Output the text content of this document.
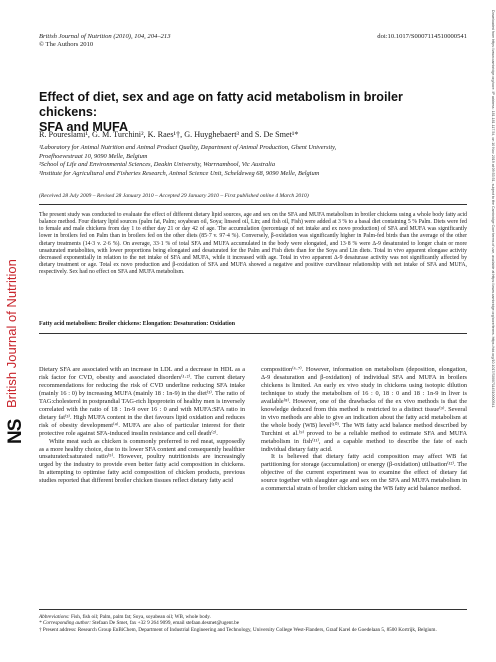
British Journal of Nutrition
NS
Downloaded from https://www.cambridge.org/core. IP address: 181.181.117.54, on 10 Nov 2019 at 09:53:51, subject to the Cambridge Core terms of use, available at https://www.cambridge.org/core/terms. https://doi.org/10.1017/S0007114510000541
British Journal of Nutrition (2010), 104, 204–213
© The Authors 2010
doi:10.1017/S0007114510000541
Effect of diet, sex and age on fatty acid metabolism in broiler chickens:
SFA and MUFA
R. Poureslami¹, G. M. Turchini², K. Raes¹†, G. Huyghebaert³ and S. De Smet¹*
¹Laboratory for Animal Nutrition and Animal Product Quality, Department of Animal Production, Ghent University,
Proefhoevestraat 10, 9090 Melle, Belgium
²School of Life and Environmental Sciences, Deakin University, Warrnambool, Vic Australia
³Institute for Agricultural and Fisheries Research, Animal Science Unit, Scheldeweg 68, 9090 Melle, Belgium
(Received 28 July 2009 – Revised 28 January 2010 – Accepted 29 January 2010 – First published online 4 March 2010)
The present study was conducted to evaluate the effect of different dietary lipid sources, age and sex on the SFA and MUFA metabolism in broiler chickens using a whole body fatty acid balance method. Four dietary lipid sources (palm fat, Palm; soyabean oil, Soya; linseed oil, Lin; and fish oil, Fish) were added at 3 % to a basal diet containing 5 % Palm. Diets were fed to female and male chickens from day 1 to either day 21 or day 42 of age. The accumulation (percentage of net intake and ex novo production) of SFA and MUFA was significantly lower in broilers fed on Palm than in broilers fed on the other diets (85·7 v. 97·4 %). Conversely, β-oxidation was significantly higher in Palm-fed birds than the average of the other dietary treatments (14·3 v. 2·6 %). On average, 33·1 % of total SFA and MUFA accumulated in the body were elongated, and 13·8 % were Δ-9 desaturated to longer chain or more unsaturated metabolites, with lower proportions being elongated and desaturated for the Palm and Fish diets than for the Soya and Lin diets. Total in vivo apparent elongase activity decreased exponentially in relation to the net intake of SFA and MUFA, while it increased with age. Total in vivo apparent Δ-9 desaturase activity was not significantly affected by dietary treatment or age. Total ex novo production and β-oxidation of SFA and MUFA showed a negative and positive curvilinear relationship with net intake of SFA and MUFA, respectively. Sex had no effect on SFA and MUFA metabolism.
Fatty acid metabolism: Broiler chickens: Elongation: Desaturation: Oxidation

Dietary SFA are associated with an increase in LDL and a decrease in HDL as a risk factor for CVD, obesity and associated disorders⁽¹·²⁾. The current dietary recommendations for reducing the risk of CVD underline reducing SFA intake (mainly 16 : 0) by increasing MUFA (mainly 18 : 1n-9) in the diet⁽³⁾. The ratio of TAG:cholesterol in postprandial TAG-rich lipoprotein of healthy men is inversely correlated with the ratio of 18 : 1n-9 over 16 : 0 and with MUFA:SFA ratio in dietary fat⁽³⁾. High MUFA content in the diet favours lipid oxidation and reduces risk of obesity development⁽⁴⁾. MUFA are also of particular interest for their protective role against SFA-induced insulin resistance and cell death⁽²⁾.

White meat such as chicken is commonly preferred to red meat, supposedly as a more healthy choice, due to its lower SFA content and consequently healthier unsaturated:saturated ratio⁽⁵⁾. However, poultry nutritionists are increasingly urged by the industry to provide even better fatty acid composition in chickens. In attempting to optimise fatty acid composition of chicken products, previous studies reported that different broiler chicken tissues reflect dietary fatty acid

composition⁽⁶·⁷⁾. However, information on metabolism (deposition, elongation, Δ-9 desaturation and β-oxidation) of individual SFA and MUFA in broilers chickens is limited. An early ex vivo study in chickens using isotopic dilution technique to study the metabolism of 16 : 0, 18 : 0 and 18 : 1n-9 in liver is available⁽⁸⁾. However, one of the drawbacks of the ex vivo methods is that the knowledge deduced from this method is restricted to a distinct tissue⁽⁹⁾. Several in vivo methods are able to give an indication about the fatty acid metabolism at the whole body (WB) level⁽¹⁰⁾. The WB fatty acid balance method described by Turchini et al.⁽⁹⁾ proved to be a reliable method to estimate SFA and MUFA metabolism in fish⁽¹¹⁾, and a capable method to describe the fate of each individual dietary fatty acid.

It is believed that dietary fatty acid composition may affect WB fat partitioning for storage (accumulation) or energy (β-oxidation) utilisation⁽¹²⁾. The objective of the current experiment was to examine the effect of dietary fat source together with slaughter age and sex on the SFA and MUFA metabolism in a commercial strain of broiler chicken using the WB fatty acid balance method.

Abbreviations: Fish, fish oil; Palm, palm fat; Soya, soyabean oil; WB, whole body.
* Corresponding author: Stefaan De Smet, fax +32 9 264 9099, email stefaan.desmet@ugent.be
† Present address: Research Group EnBiChem, Department of Industrial Engineering and Technology, University College West-Flanders, Graaf Karel de Goedelaan 5, 8500 Kortrijk, Belgium.
